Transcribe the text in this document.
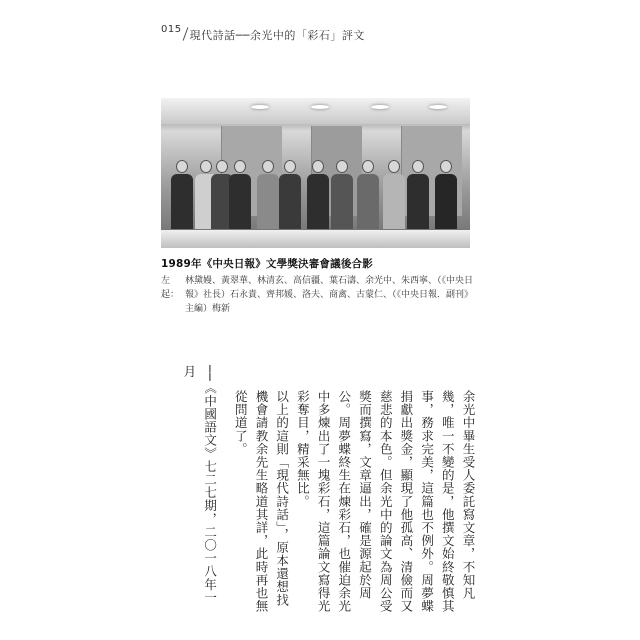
015 現代詩話──余光中的「彩石」評文
1989年《中央日報》文學獎決審會議後合影
左起：
林黛嫚、黃翠華、林清玄、高信疆、葉石濤、余光中、朱西寧、（《中央日報》社長）石永貴、齊邦媛、洛夫、商禽、古蒙仁、（《中央日報．副刊》主編）梅新

余光中畢生受人委託寫文章，不知凡幾，唯一不變的是，他撰文始終敬慎其事，務求完美，這篇也不例外。周夢蝶捐獻出獎金，顯現了他孤高、清儉而又慈悲的本色。但余光中的論文為周公受獎而撰寫，文章逼出，確是源起於周公。周夢蝶終生在煉彩石，也催迫余光中多煉出了一塊彩石，這篇論文寫得光彩奪目，精采無比。

以上的這則「現代詩話」，原本還想找機會請教余先生略道其詳，此時再也無從問道了。

──《中國語文》七二七期，二〇一八年一月
